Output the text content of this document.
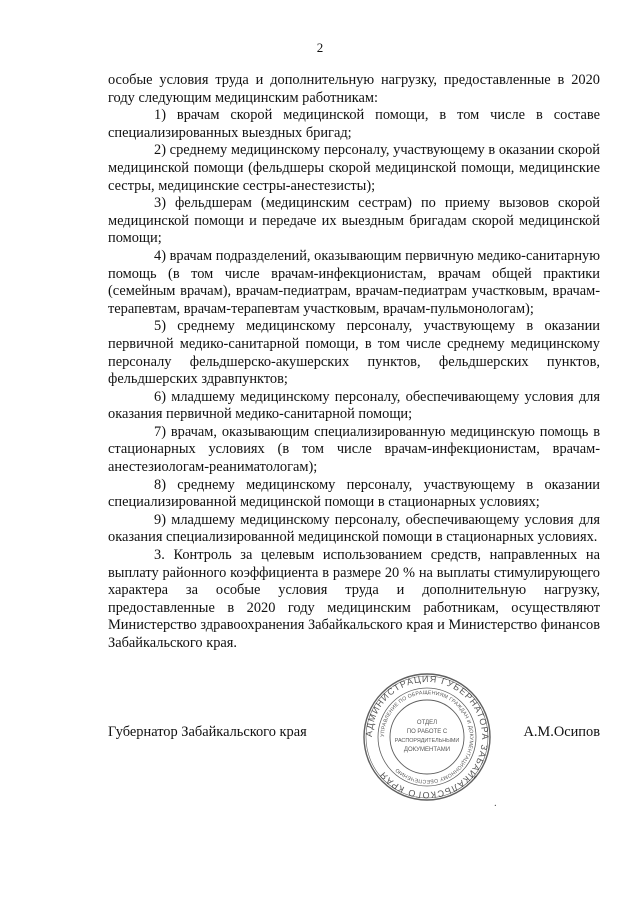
2

особые условия труда и дополнительную нагрузку, предоставленные в 2020 году следующим медицинским работникам:

1) врачам скорой медицинской помощи, в том числе в составе специализированных выездных бригад;

2) среднему медицинскому персоналу, участвующему в оказании скорой медицинской помощи (фельдшеры скорой медицинской помощи, медицинские сестры, медицинские сестры-анестезисты);

3) фельдшерам (медицинским сестрам) по приему вызовов скорой медицинской помощи и передаче их выездным бригадам скорой медицинской помощи;

4) врачам подразделений, оказывающим первичную медико-санитарную помощь (в том числе врачам-инфекционистам, врачам общей практики (семейным врачам), врачам-педиатрам, врачам-педиатрам участковым, врачам-терапевтам, врачам-терапевтам участковым, врачам-пульмонологам);

5) среднему медицинскому персоналу, участвующему в оказании первичной медико-санитарной помощи, в том числе среднему медицинскому персоналу фельдшерско-акушерских пунктов, фельдшерских пунктов, фельдшерских здравпунктов;

6) младшему медицинскому персоналу, обеспечивающему условия для оказания первичной медико-санитарной помощи;

7) врачам, оказывающим специализированную медицинскую помощь в стационарных условиях (в том числе врачам-инфекционистам, врачам-анестезиологам-реаниматологам);

8) среднему медицинскому персоналу, участвующему в оказании специализированной медицинской помощи в стационарных условиях;

9) младшему медицинскому персоналу, обеспечивающему условия для оказания специализированной медицинской помощи в стационарных условиях.

3. Контроль за целевым использованием средств, направленных на выплату районного коэффициента в размере 20 % на выплаты стимулирующего характера за особые условия труда и дополнительную нагрузку, предоставленные в 2020 году медицинским работникам, осуществляют Министерство здравоохранения Забайкальского края и Министерство финансов Забайкальского края.

Губернатор Забайкальского края	А.М.Осипов
АДМИНИСТРАЦИЯ ГУБЕРНАТОРА ЗАБАЙКАЛЬСКОГО КРАЯ
УПРАВЛЕНИЕ ПО ОБРАЩЕНИЯМ ГРАЖДАН И ДОКУМЕНТАЦИОННОМУ ОБЕСПЕЧЕНИЮ
ОТДЕЛ
ПО РАБОТЕ С
РАСПОРЯДИТЕЛЬНЫМИ
ДОКУМЕНТАМИ
.
